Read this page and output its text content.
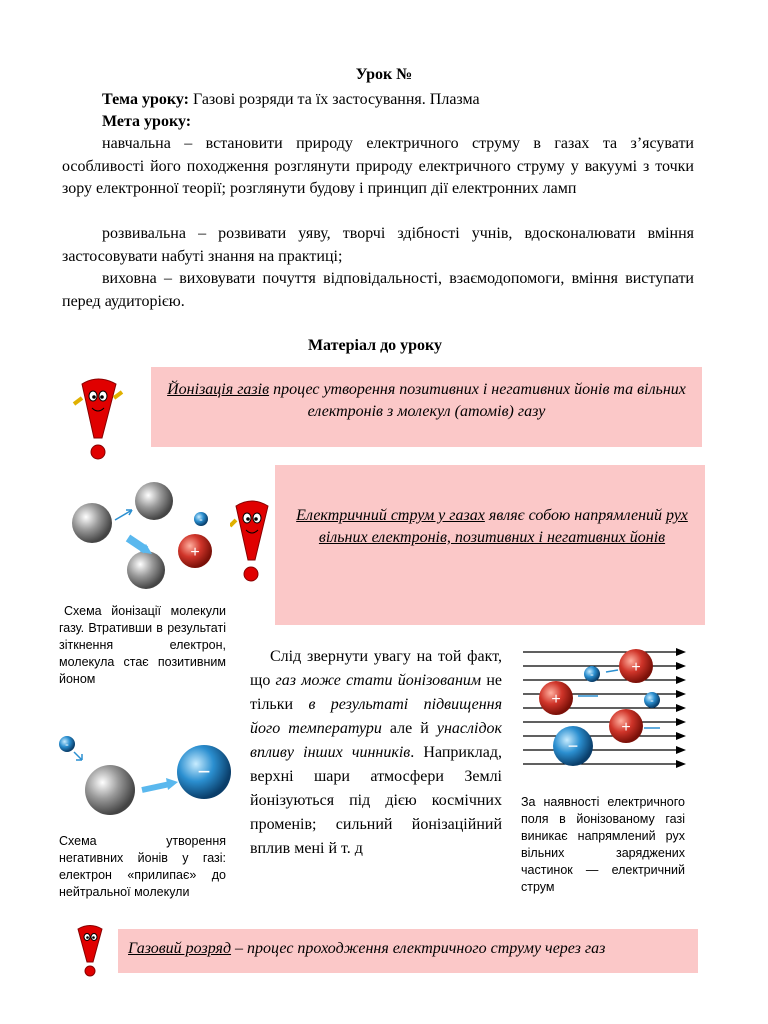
Урок №
Тема уроку: Газові розряди та їх застосування. Плазма
Мета уроку:
навчальна – встановити природу електричного струму в газах та з’ясувати особливості його походження розглянути природу електричного струму у вакуумі з точки зору електронної теорії; розглянути будову і принцип дії електронних ламп
розвивальна – розвивати уяву, творчі здібності учнів, вдосконалювати вміння застосовувати набуті знання на практиці;
виховна – виховувати почуття відповідальності, взаємодопомоги, вміння виступати перед аудиторією.
Матеріал до уроку
Йонізація газів процес утворення позитивних і негативних йонів та вільних електронів з молекул (атомів) газу
+
-	Електричний струм у газах являє собою напрямлений рух вільних електронів, позитивних і негативних йонів
Схема йонізації молекули газу. Втративши в результаті зіткнення електрон, молекула стає позитивним йоном
-
−
Схема утворення негативних йонів у газі: електрон «прилипає» до нейтральної молекули
Слід звернути увагу на той факт, що газ може стати йонізованим не тільки в результаті підвищення його температури але й унаслідок впливу інших чинників. Наприклад, верхні шари атмосфери Землі йонізуються під дією космічних променів; сильний йонізаційний вплив мені й т. д
+
+
+
-
-
−
За наявності електричного поля в йонізованому газі виникає напрямлений рух вільних заряджених частинок — електричний струм
Газовий розряд – процес проходження електричного струму через газ
